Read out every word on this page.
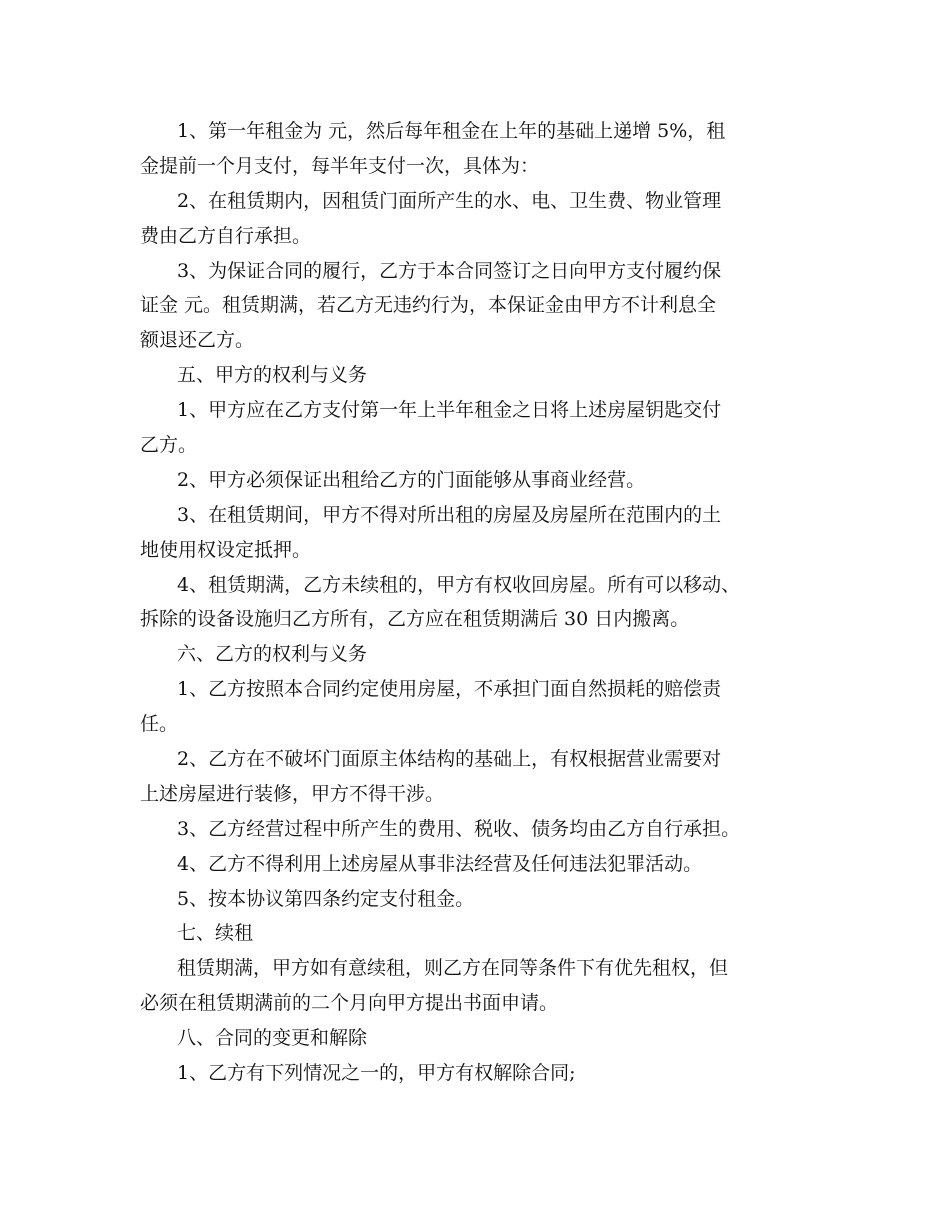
1、第一年租金为 元，然后每年租金在上年的基础上递增 5%，租
金提前一个月支付，每半年支付一次，具体为：
2、在租赁期内，因租赁门面所产生的水、电、卫生费、物业管理
费由乙方自行承担。
3、为保证合同的履行，乙方于本合同签订之日向甲方支付履约保
证金 元。租赁期满，若乙方无违约行为，本保证金由甲方不计利息全
额退还乙方。
五、甲方的权利与义务
1、甲方应在乙方支付第一年上半年租金之日将上述房屋钥匙交付
乙方。
2、甲方必须保证出租给乙方的门面能够从事商业经营。
3、在租赁期间，甲方不得对所出租的房屋及房屋所在范围内的土
地使用权设定抵押。
4、租赁期满，乙方未续租的，甲方有权收回房屋。所有可以移动、
拆除的设备设施归乙方所有，乙方应在租赁期满后 30 日内搬离。
六、乙方的权利与义务
1、乙方按照本合同约定使用房屋，不承担门面自然损耗的赔偿责
任。
2、乙方在不破坏门面原主体结构的基础上，有权根据营业需要对
上述房屋进行装修，甲方不得干涉。
3、乙方经营过程中所产生的费用、税收、债务均由乙方自行承担。
4、乙方不得利用上述房屋从事非法经营及任何违法犯罪活动。
5、按本协议第四条约定支付租金。
七、续租
租赁期满，甲方如有意续租，则乙方在同等条件下有优先租权，但
必须在租赁期满前的二个月向甲方提出书面申请。
八、合同的变更和解除
1、乙方有下列情况之一的，甲方有权解除合同;
